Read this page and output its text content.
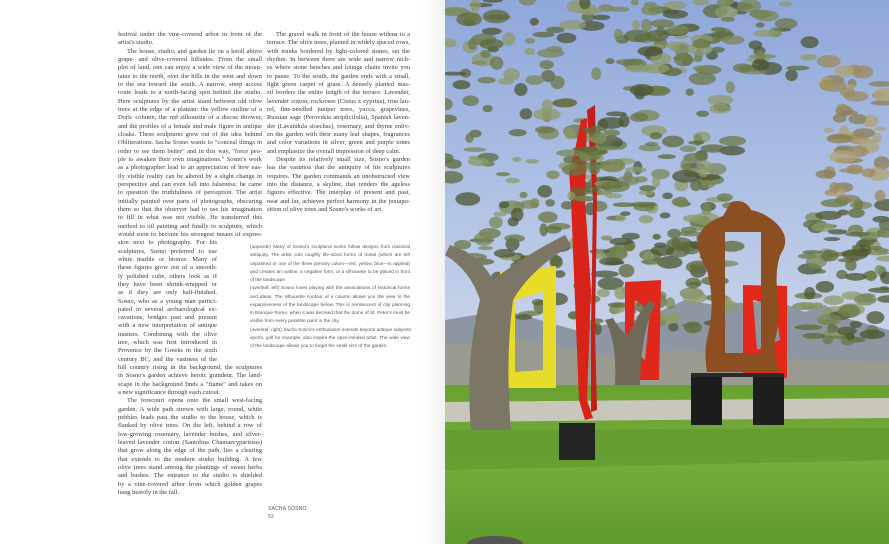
festival under the vine-covered arbor in front of the
artist's studio.
The house, studio, and garden lie on a knoll above
grape- and olive-covered hillsides. From the small
plot of land, one can enjoy a wide view of the moun-
tains to the north, over the hills in the west and down
to the sea toward the south. A narrow, steep access
route leads to a north-facing spot behind the studio.
Here sculptures by the artist stand between old olive
trees at the edge of a plateau: the yellow outline of a
Doric column, the red silhouette of a discus thrower,
and the profiles of a female and male figure in antique
cloaks. These sculptures grew out of the idea behind
Obliterations. Sacha Sosno wants to "conceal things in
order to see them better" and in this way, "force peo-
ple to awaken their own imaginations." Sosno's work
as a photographer lead to an appreciation of how eas-
ily visible reality can be altered by a slight change in
perspective and can even fall into falseness; he came
to question the truthfulness of perception. The artist
initially painted over parts of photographs, obscuring
them so that the observer had to use his imagination
to fill in what was not visible. He transferred this
method to oil painting and finally to sculpture, which
would soon to become his strongest means of expres-
sion next to photography. For his
sculptures, Sosno preferred to use
white marble or bronze. Many of
these figures grow out of a smooth-
ly polished cube, others look as if
they have been shrink-wrapped or
as if they are only half-finished.
Sosno, who as a young man partici-
pated in several archaeological ex-
cavations, bridges past and present
with a new interpretation of antique
masters. Combining with the olive
tree, which was first introduced in
Provence by the Greeks in the sixth
century BC, and the vastness of the
hill country rising in the background, the sculptures
in Sosno's garden achieve heroic grandeur. The land-
scape in the background finds a "frame" and takes on
a new significance through each cutout.
The forecourt opens onto the small west-facing
garden. A wide path strewn with large, round, white
pebbles leads past the studio to the house, which is
flanked by olive trees. On the left, behind a row of
low-growing rosemary, lavender bushes, and silver-
leaved lavender cotton (Santolina Chamaecyparissus)
that grow along the edge of the path, lies a clearing
that extends to the modern studio building. A few
olive trees stand among the plantings of sweet herbs
and bushes. The entrance to the studio is shielded
by a vine-covered arbor from which golden grapes
hang heavily in the fall.
The gravel walk in front of the house widens to a
terrace. The olive trees, planted in widely spaced rows,
with trunks bordered by light-colored stones, set the
rhythm. In between there are wide and narrow nich-
es where stone benches and lounge chairs invite you
to pause. To the south, the garden ends with a small,
light green carpet of grass. A densely planted mas-
sif borders the entire length of the terrace. Lavender,
lavender cotton, rockroses (Cistus x cyprius), true lau-
rel, fine-needled juniper trees, yucca, grapevines,
Russian sage (Perovskia atriplicifolia), Spanish laven-
der (Lavandula stoechas), rosemary, and thyme enliv-
en the garden with their many leaf shapes, fragrances
and color variations in silver, green and purple tones
and emphasize the overall impression of deep calm.
Despite its relatively small size, Sosno's garden
has the vastness that the antiquity of his sculptures
requires. The garden commands an unobstructed view
into the distance, a skyline, that renders the ageless
figures effective. The interplay of present and past,
near and far, achieves perfect harmony in the juxtapo-
sition of olive trees and Sosno's works of art.
(opposite) Many of Sosno's sculptural works follow designs from classical
antiquity. The artist cuts roughly life-sized forms of metal (which are left
unpainted or one of the three primary colors—red, yellow, blue—is applied)
and creates an outline, a negative form, or a silhouette to be placed in front
of the landscape.
(overleaf, left) Sosno loves playing with the associations of historical forms
and ideas. The silhouette contour of a column allows you the view to the
expansiveness of the landscape below. This is reminiscent of city planning
in Baroque Rome, when it was decreed that the dome of St. Peter's must be
visible from every possible point in the city.
(overleaf, right) Sacha Sosno's enthusiasm extends beyond antique subjects;
sports, golf for example, also inspire the open-minded artist. The wide view
of the landscape allows you to forget the small size of the garden.
SACHA SOSNO
52
